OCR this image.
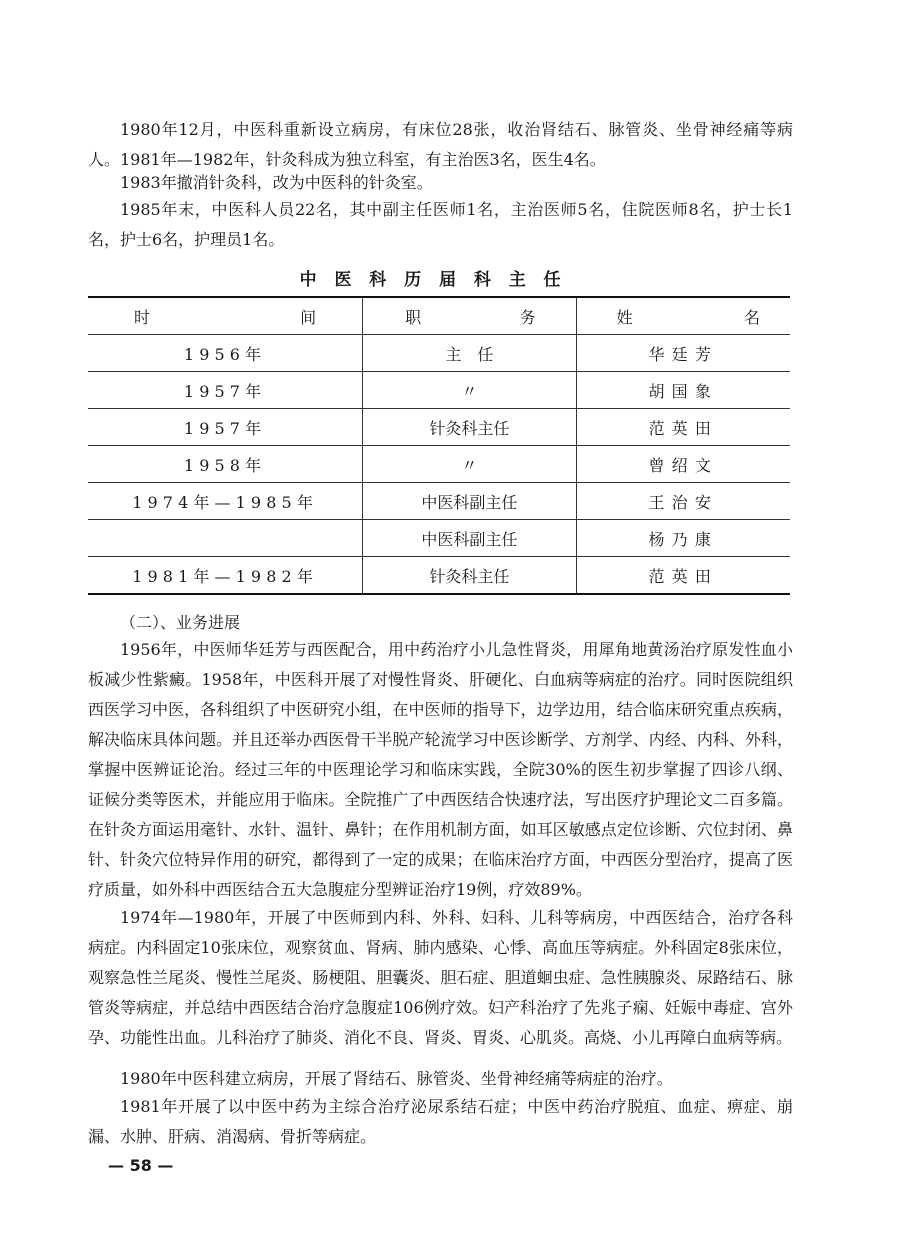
1980年12月，中医科重新设立病房，有床位28张，收治肾结石、脉管炎、坐骨神经痛等病人。1981年—1982年，针灸科成为独立科室，有主治医3名，医生4名。

1983年撤消针灸科，改为中医科的针灸室。

1985年末，中医科人员22名，其中副主任医师1名，主治医师5名，住院医师8名，护士长1名，护士6名，护理员1名。

中医科历届科主任

时 间	职 务	姓 名

1956年	主　任	华廷芳
1957年	〃	胡国象
1957年	针灸科主任	范英田
1958年	〃	曾绍文
1974年—1985年	中医科副主任	王治安
	中医科副主任	杨乃康
1981年—1982年	针灸科主任	范英田

（二）、业务进展

1956年，中医师华廷芳与西医配合，用中药治疗小儿急性肾炎，用犀角地黄汤治疗原发性血小板减少性紫癜。1958年，中医科开展了对慢性肾炎、肝硬化、白血病等病症的治疗。同时医院组织西医学习中医，各科组织了中医研究小组，在中医师的指导下，边学边用，结合临床研究重点疾病，解决临床具体问题。并且还举办西医骨干半脱产轮流学习中医诊断学、方剂学、内经、内科、外科，掌握中医辨证论治。经过三年的中医理论学习和临床实践，全院30%的医生初步掌握了四诊八纲、证候分类等医术，并能应用于临床。全院推广了中西医结合快速疗法，写出医疗护理论文二百多篇。在针灸方面运用毫针、水针、温针、鼻针；在作用机制方面，如耳区敏感点定位诊断、穴位封闭、鼻针、针灸穴位特异作用的研究，都得到了一定的成果；在临床治疗方面，中西医分型治疗，提高了医疗质量，如外科中西医结合五大急腹症分型辨证治疗19例，疗效89%。

1974年—1980年，开展了中医师到内科、外科、妇科、儿科等病房，中西医结合，治疗各科病症。内科固定10张床位，观察贫血、肾病、肺内感染、心悸、高血压等病症。外科固定8张床位，观察急性兰尾炎、慢性兰尾炎、肠梗阻、胆囊炎、胆石症、胆道蛔虫症、急性胰腺炎、尿路结石、脉管炎等病症，并总结中西医结合治疗急腹症106例疗效。妇产科治疗了先兆子痫、妊娠中毒症、宫外孕、功能性出血。儿科治疗了肺炎、消化不良、肾炎、胃炎、心肌炎。高烧、小儿再障白血病等病。

1980年中医科建立病房，开展了肾结石、脉管炎、坐骨神经痛等病症的治疗。

1981年开展了以中医中药为主综合治疗泌尿系结石症；中医中药治疗脱疽、血症、痹症、崩漏、水肿、肝病、消渴病、骨折等病症。

— 58 —
